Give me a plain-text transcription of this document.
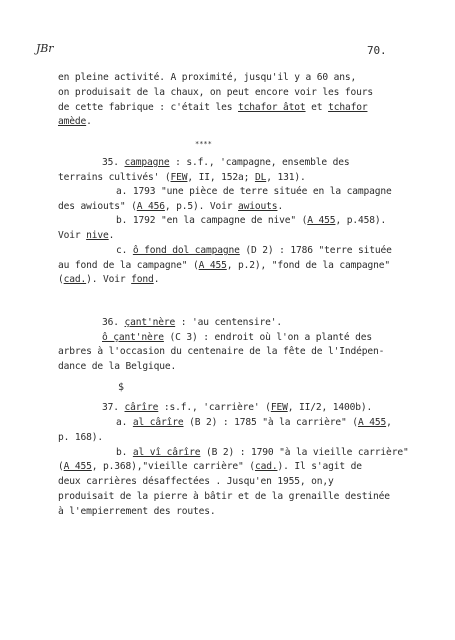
JBr	70.
en pleine activité. A proximité, jusqu'il y a 60 ans,
on produisait de la chaux, on peut encore voir les fours
de cette fabrique : c'était les tchafor âtot et tchafor
amède.
****
35. campagne : s.f., 'campagne, ensemble des
terrains cultivés' (FEW, II, 152a; DL, 131).
a. 1793 "une pièce de terre située en la campagne
des awiouts" (A 456, p.5). Voir awiouts.
b. 1792 "en la campagne de nive" (A 455, p.458).
Voir nive.
c. ô fond dol campagne (D 2) : 1786 "terre située
au fond de la campagne" (A 455, p.2), "fond de la campagne"
(cad.). Voir fond.
36. çant'nère : 'au centensire'.
ô çant'nère (C 3) : endroit où l'on a planté des
arbres à l'occasion du centenaire de la fête de l'Indépen-
dance de la Belgique.
$
37. cârîre :s.f., 'carrière' (FEW, II/2, 1400b).
a. al cârîre (B 2) : 1785 "à la carrière" (A 455,
p. 168).
b. al vî cârîre (B 2) : 1790 "à la vieille carrière"
(A 455, p.368),"vieille carrière" (cad.). Il s'agit de
deux carrières désaffectées . Jusqu'en 1955, on,y
produisait de la pierre à bâtir et de la grenaille destinée
à l'empierrement des routes.
